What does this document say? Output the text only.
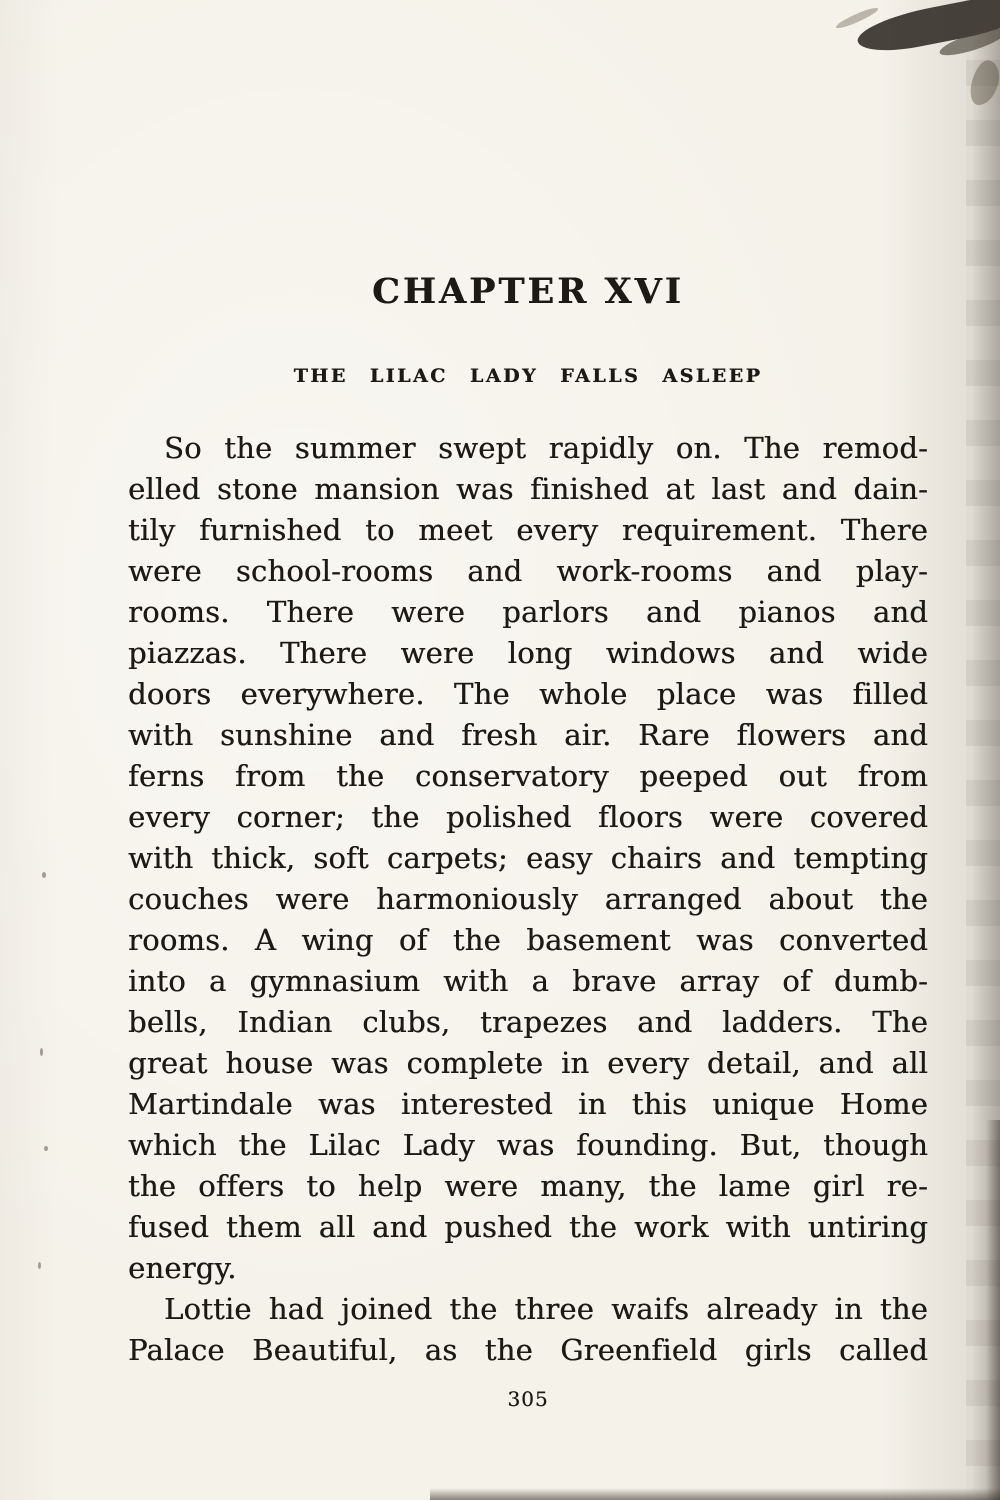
CHAPTER XVI
THE LILAC LADY FALLS ASLEEP
So the summer swept rapidly on. The remod-
elled stone mansion was finished at last and dain-
tily furnished to meet every requirement. There
were school-rooms and work-rooms and play-
rooms. There were parlors and pianos and
piazzas. There were long windows and wide
doors everywhere. The whole place was filled
with sunshine and fresh air. Rare flowers and
ferns from the conservatory peeped out from
every corner; the polished floors were covered
with thick, soft carpets; easy chairs and tempting
couches were harmoniously arranged about the
rooms. A wing of the basement was converted
into a gymnasium with a brave array of dumb-
bells, Indian clubs, trapezes and ladders. The
great house was complete in every detail, and all
Martindale was interested in this unique Home
which the Lilac Lady was founding. But, though
the offers to help were many, the lame girl re-
fused them all and pushed the work with untiring
energy.
Lottie had joined the three waifs already in the
Palace Beautiful, as the Greenfield girls called
305
